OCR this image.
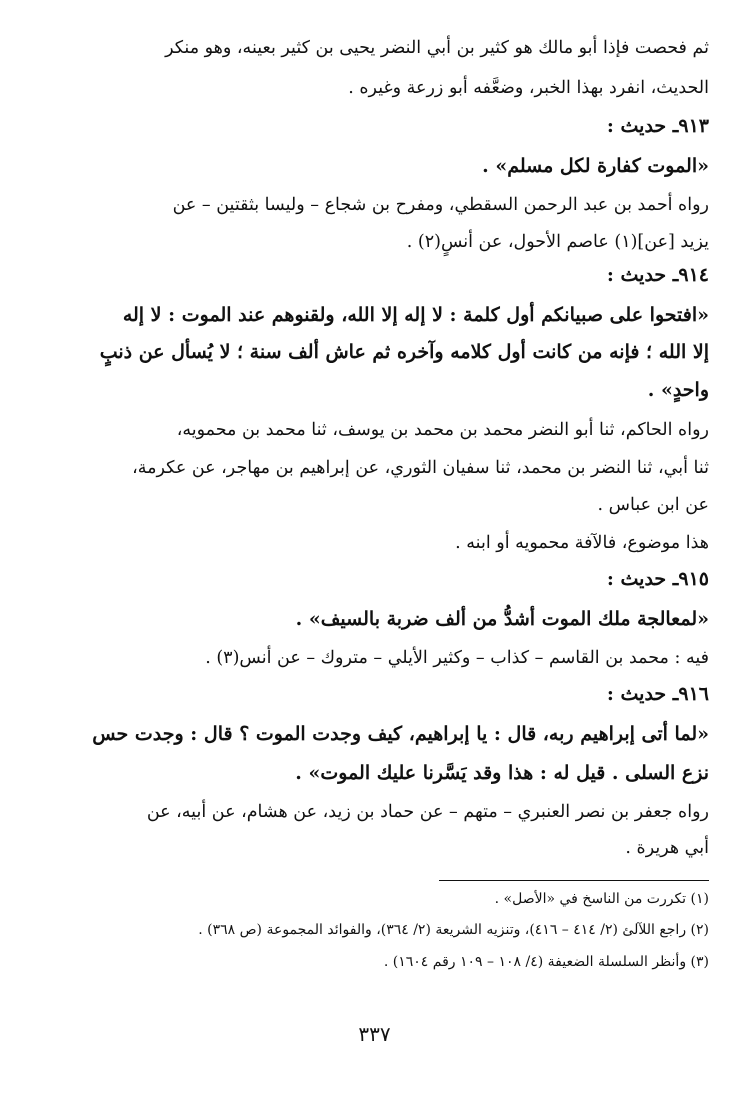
ثم فحصت فإذا أبو مالك هو كثير بن أبي النضر يحيى بن كثير بعينه، وهو منكر
الحديث، انفرد بهذا الخبر، وضعَّفه أبو زرعة وغيره .
٩١٣ـ حديث :
«الموت كفارة لكل مسلم» .
رواه أحمد بن عبد الرحمن السقطي، ومفرح بن شجاع – وليسا بثقتين – عن
يزيد [عن](١) عاصم الأحول، عن أنسٍ(٢) .
٩١٤ـ حديث :
«افتحوا على صبيانكم أول كلمة : لا إله إلا الله، ولقنوهم عند الموت : لا إله
إلا الله ؛ فإنه من كانت أول كلامه وآخره ثم عاش ألف سنة ؛ لا يُسأل عن ذنبٍ
واحدٍ» .
رواه الحاكم، ثنا أبو النضر محمد بن محمد بن يوسف، ثنا محمد بن محمويه،
ثنا أبي، ثنا النضر بن محمد، ثنا سفيان الثوري، عن إبراهيم بن مهاجر، عن عكرمة،
عن ابن عباس .
هذا موضوع، فالآفة محمويه أو ابنه .
٩١٥ـ حديث :
«لمعالجة ملك الموت أشدُّ من ألف ضربة بالسيف» .
فيه : محمد بن القاسم – كذاب – وكثير الأيلي – متروك – عن أنس(٣) .
٩١٦ـ حديث :
«لما أتى إبراهيم ربه، قال : يا إبراهيم، كيف وجدت الموت ؟ قال : وجدت حس
نزع السلى . قيل له : هذا وقد يَسَّرنا عليك الموت» .
رواه جعفر بن نصر العنبري – متهم – عن حماد بن زيد، عن هشام، عن أبيه، عن
أبي هريرة .
(١) تكررت من الناسخ في «الأصل» .
(٢) راجع اللآلئ (٢/ ٤١٤ – ٤١٦)، وتنزيه الشريعة (٢/ ٣٦٤)، والفوائد المجموعة (ص ٣٦٨) .
(٣) وأنظر السلسلة الضعيفة (٤/ ١٠٨ – ١٠٩ رقم ١٦٠٤) .
٣٣٧
